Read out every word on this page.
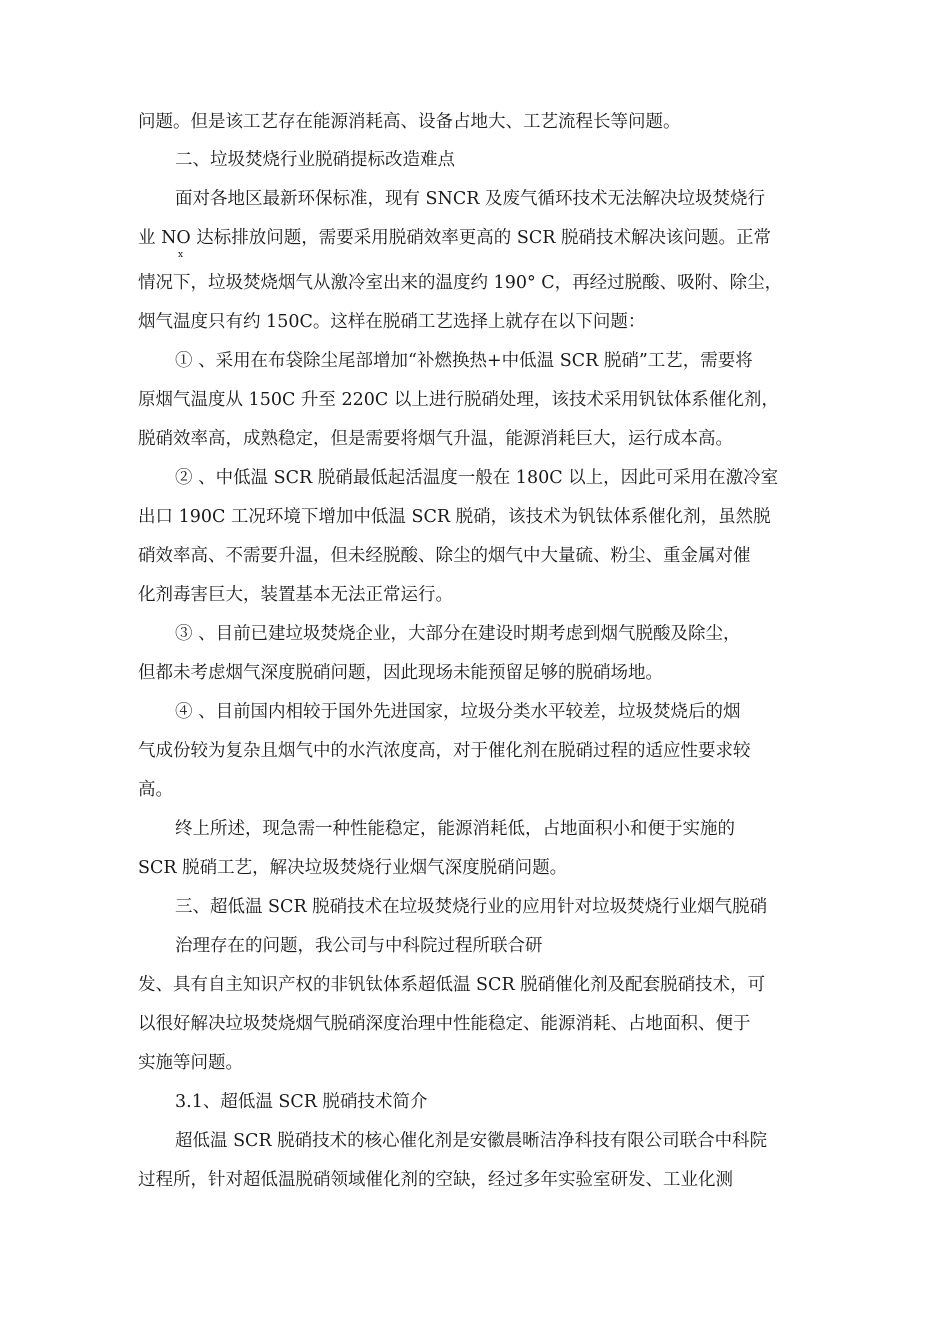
问题。但是该工艺存在能源消耗高、设备占地大、工艺流程长等问题。
二、垃圾焚烧行业脱硝提标改造难点
面对各地区最新环保标准，现有 SNCR 及废气循环技术无法解决垃圾焚烧行
业 NO 达标排放问题，需要采用脱硝效率更高的 SCR 脱硝技术解决该问题。正常
x
情况下，垃圾焚烧烟气从激冷室出来的温度约 190° C，再经过脱酸、吸附、除尘，
烟气温度只有约 150C。这样在脱硝工艺选择上就存在以下问题：
① 、采用在布袋除尘尾部增加“补燃换热+中低温 SCR 脱硝”工艺，需要将
原烟气温度从 150C 升至 220C 以上进行脱硝处理，该技术采用钒钛体系催化剂，
脱硝效率高，成熟稳定，但是需要将烟气升温，能源消耗巨大，运行成本高。
② 、中低温 SCR 脱硝最低起活温度一般在 180C 以上，因此可采用在激冷室
出口 190C 工况环境下增加中低温 SCR 脱硝，该技术为钒钛体系催化剂，虽然脱
硝效率高、不需要升温，但未经脱酸、除尘的烟气中大量硫、粉尘、重金属对催
化剂毒害巨大，装置基本无法正常运行。
③ 、目前已建垃圾焚烧企业，大部分在建设时期考虑到烟气脱酸及除尘，
但都未考虑烟气深度脱硝问题，因此现场未能预留足够的脱硝场地。
④ 、目前国内相较于国外先进国家，垃圾分类水平较差，垃圾焚烧后的烟
气成份较为复杂且烟气中的水汽浓度高，对于催化剂在脱硝过程的适应性要求较
高。
终上所述，现急需一种性能稳定，能源消耗低，占地面积小和便于实施的
SCR 脱硝工艺，解决垃圾焚烧行业烟气深度脱硝问题。
三、超低温 SCR 脱硝技术在垃圾焚烧行业的应用针对垃圾焚烧行业烟气脱硝
治理存在的问题，我公司与中科院过程所联合研
发、具有自主知识产权的非钒钛体系超低温 SCR 脱硝催化剂及配套脱硝技术，可
以很好解决垃圾焚烧烟气脱硝深度治理中性能稳定、能源消耗、占地面积、便于
实施等问题。
3.1、超低温 SCR 脱硝技术简介
超低温 SCR 脱硝技术的核心催化剂是安徽晨晰洁净科技有限公司联合中科院
过程所，针对超低温脱硝领域催化剂的空缺，经过多年实验室研发、工业化测
